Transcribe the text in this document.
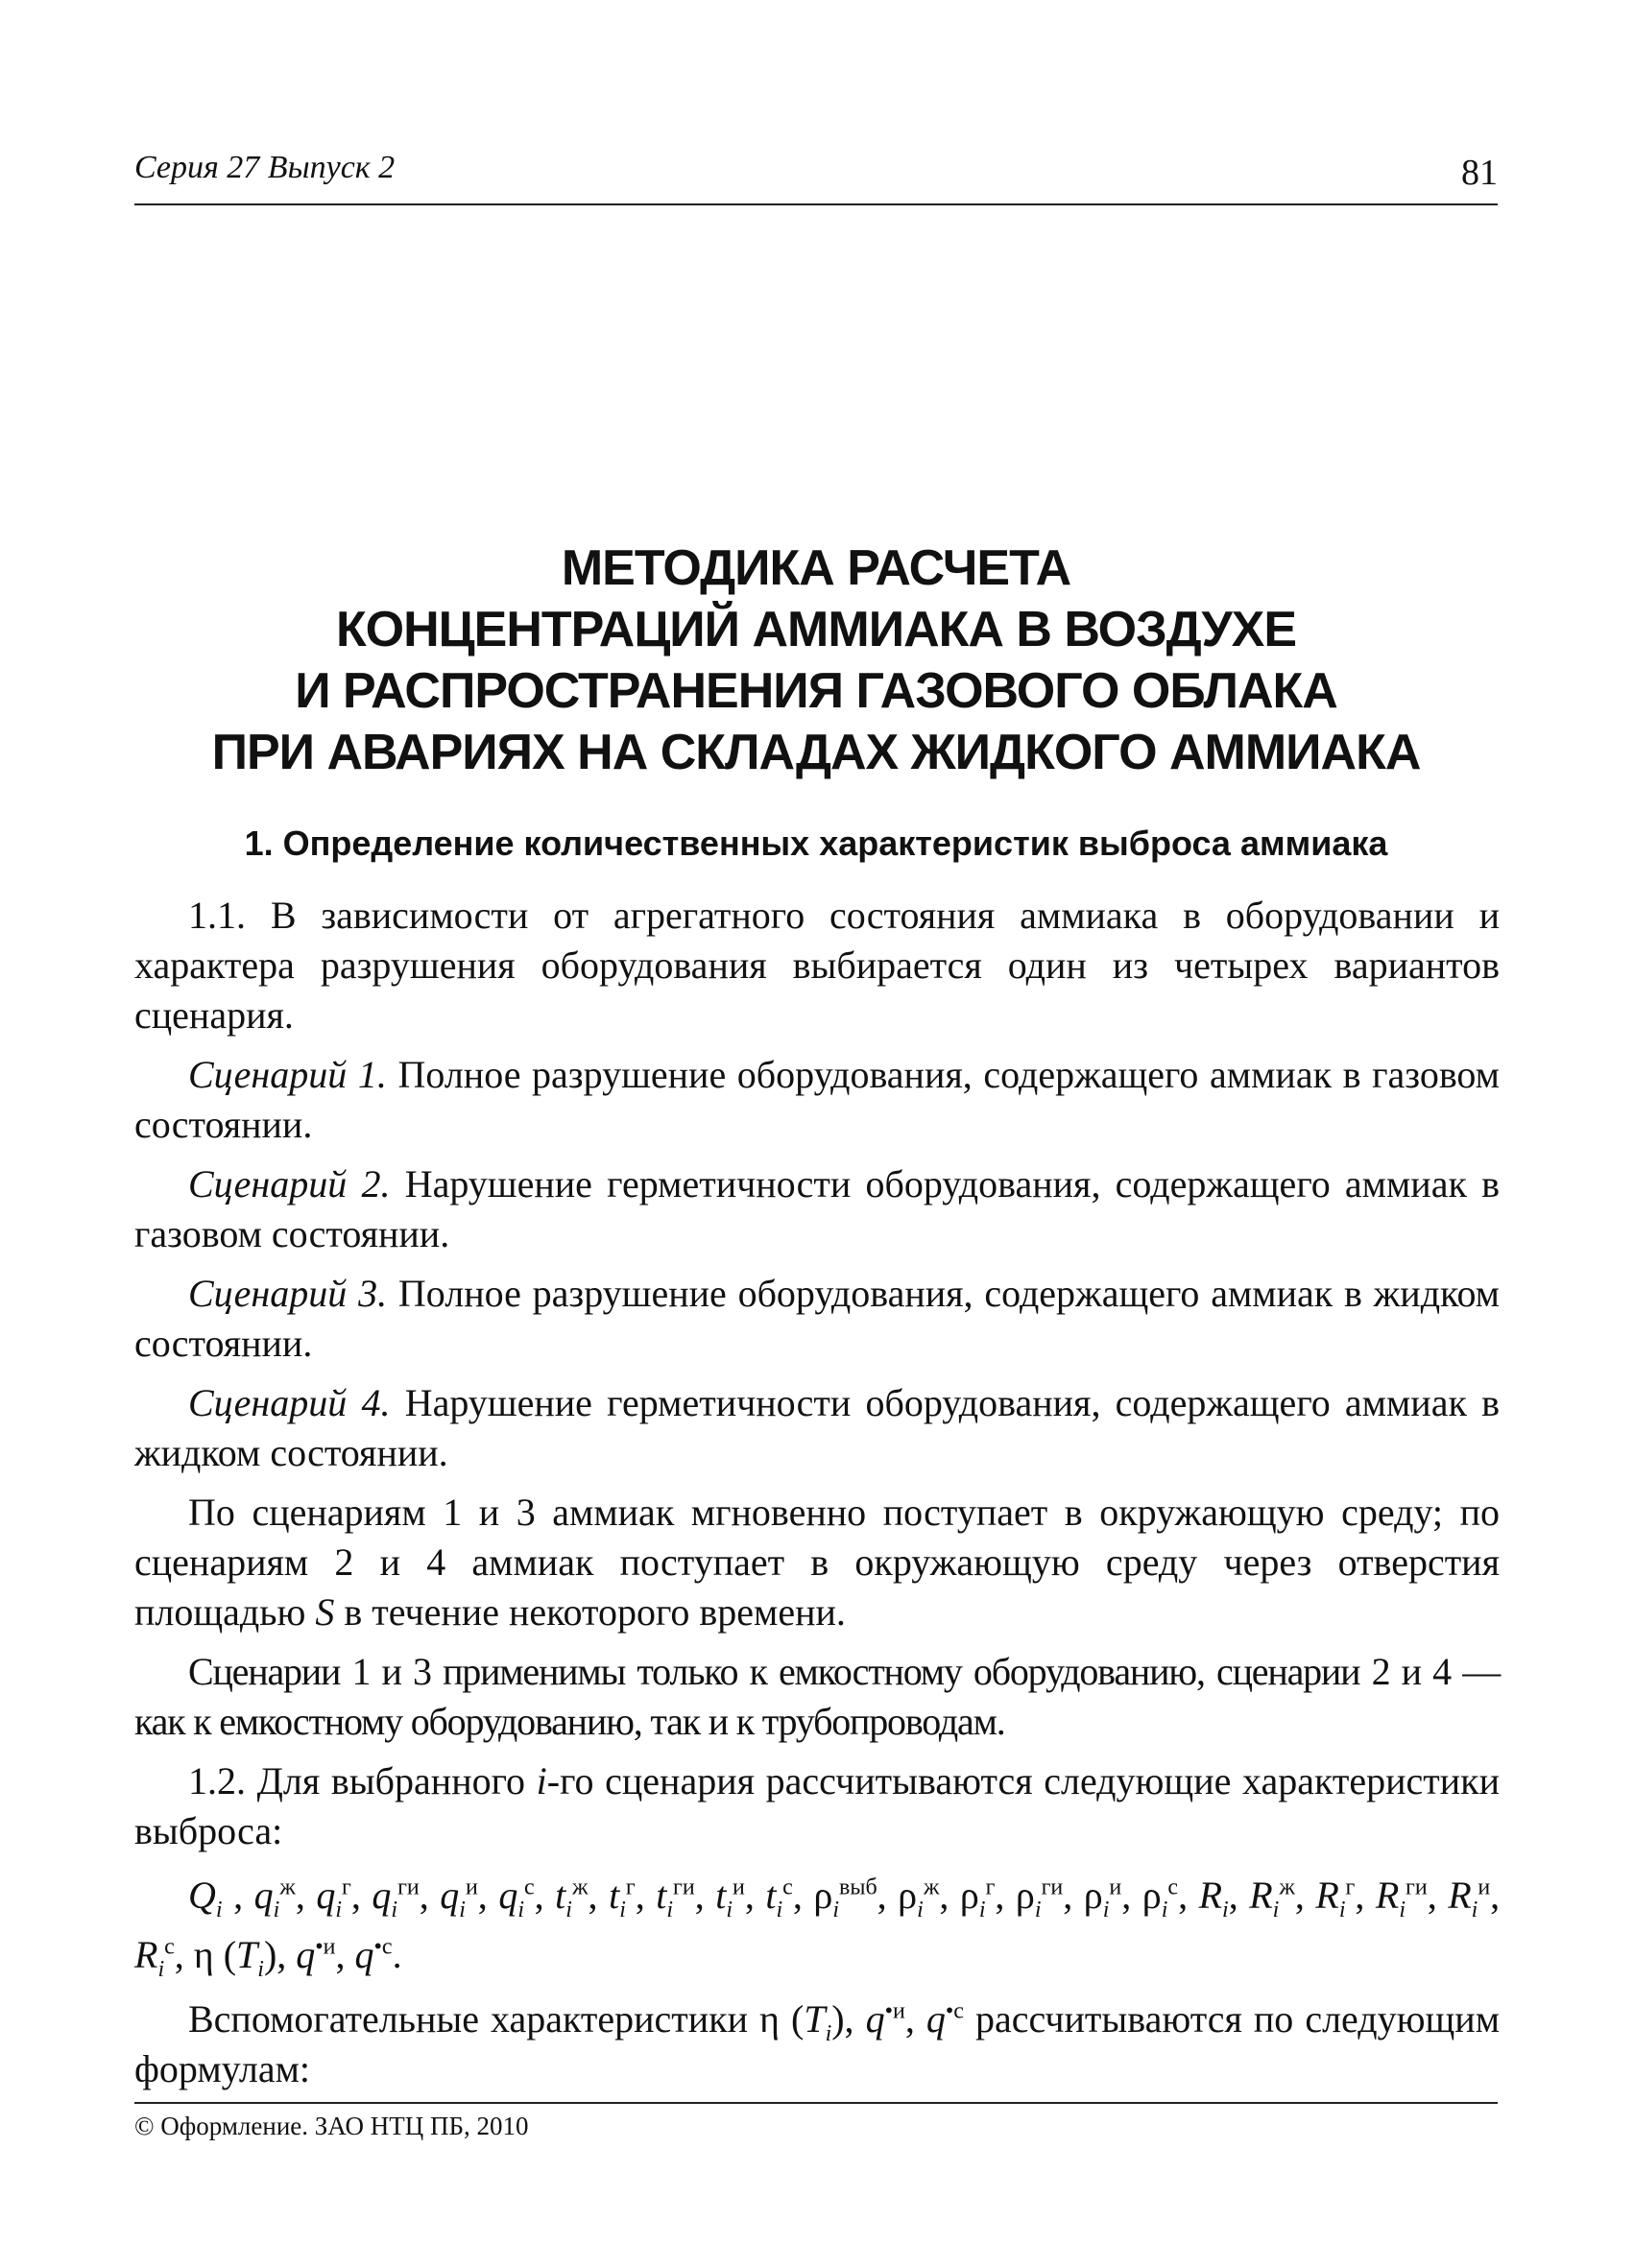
Серия 27 Выпуск 2	81
МЕТОДИКА РАСЧЕТА
КОНЦЕНТРАЦИЙ АММИАКА В ВОЗДУХЕ
И РАСПРОСТРАНЕНИЯ ГАЗОВОГО ОБЛАКА
ПРИ АВАРИЯХ НА СКЛАДАХ ЖИДКОГО АММИАКА
1. Определение количественных характеристик выброса аммиака

1.1. В зависимости от агрегатного состояния аммиака в оборудовании и характера разрушения оборудования выбирается один из четырех вариантов сценария.

Сценарий 1. Полное разрушение оборудования, содержащего аммиак в газовом состоянии.

Сценарий 2. Нарушение герметичности оборудования, содержащего аммиак в газовом состоянии.

Сценарий 3. Полное разрушение оборудования, содержащего аммиак в жидком состоянии.

Сценарий 4. Нарушение герметичности оборудования, содержащего аммиак в жидком состоянии.

По сценариям 1 и 3 аммиак мгновенно поступает в окружающую среду; по сценариям 2 и 4 аммиак поступает в окружающую среду через отверстия площадью S в течение некоторого времени.

Сценарии 1 и 3 применимы только к емкостному оборудованию, сценарии 2 и 4 — как к емкостному оборудованию, так и к трубопроводам.

1.2. Для выбранного i-го сценария рассчитываются следующие характеристики выброса:

$Q_i$ , $q_i^ж$, $q_i^г$, $q_i^{ги}$, $q_i^и$, $q_i^с$, $t_i^ж$, $t_i^г$, $t_i^{ги}$, $t_i^и$, $t_i^с$, $\rho_i^{выб}$, $\rho_i^ж$, $\rho_i^г$, $\rho_i^{ги}$, $\rho_i^и$, $\rho_i^с$, $R_i$, $R_i^ж$, $R_i^г$, $R_i^{ги}$, $R_i^и$, $R_i^с$, η $(T_i)$, $q^{•и}$, $q^{•с}$.

Вспомогательные характеристики η $(T_i)$, $q^{•и}$, $q^{•с}$ рассчитываются по следующим формулам:

© Оформление. ЗАО НТЦ ПБ, 2010
